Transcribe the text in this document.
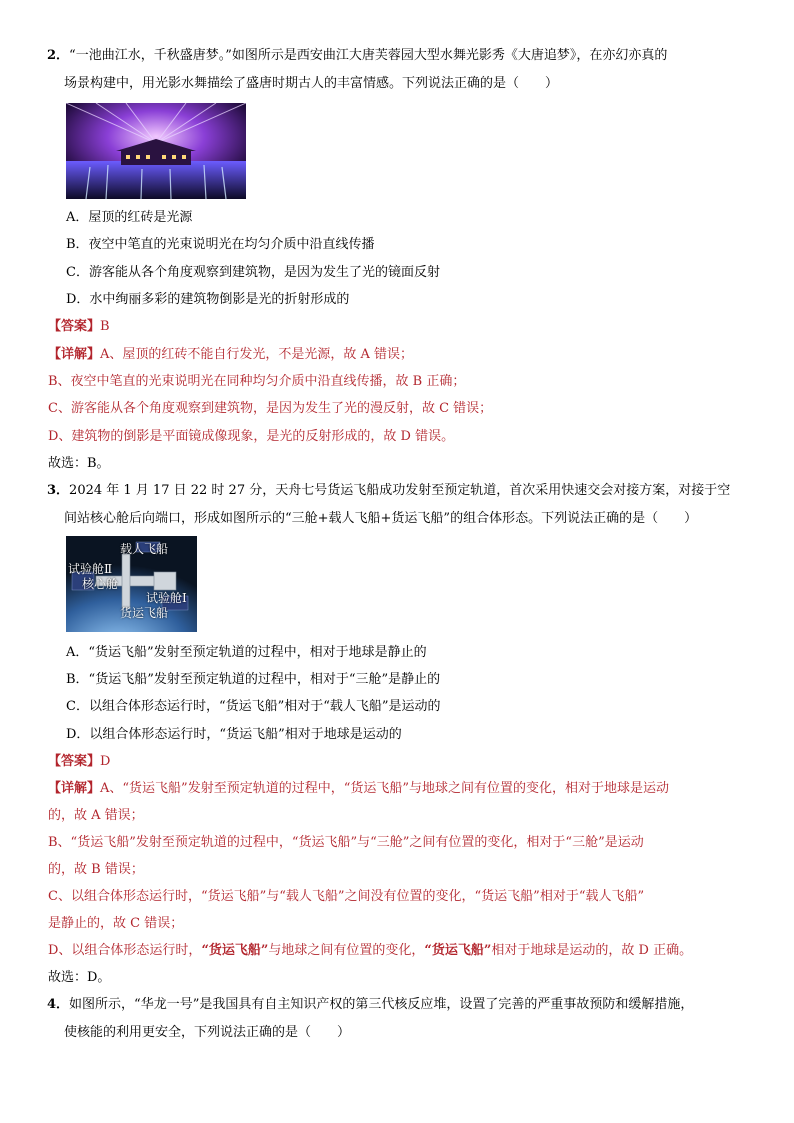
2．“一池曲江水，千秋盛唐梦。”如图所示是西安曲江大唐芙蓉园大型水舞光影秀《大唐追梦》，在亦幻亦真的
场景构建中，用光影水舞描绘了盛唐时期古人的丰富情感。下列说法正确的是（　　）
A．屋顶的红砖是光源
B．夜空中笔直的光束说明光在均匀介质中沿直线传播
C．游客能从各个角度观察到建筑物，是因为发生了光的镜面反射
D．水中绚丽多彩的建筑物倒影是光的折射形成的
【答案】B
【详解】A、屋顶的红砖不能自行发光，不是光源，故 A 错误；
B、夜空中笔直的光束说明光在同种均匀介质中沿直线传播，故 B 正确；
C、游客能从各个角度观察到建筑物，是因为发生了光的漫反射，故 C 错误；
D、建筑物的倒影是平面镜成像现象，是光的反射形成的，故 D 错误。
故选：B。
3．2024 年 1 月 17 日 22 时 27 分，天舟七号货运飞船成功发射至预定轨道，首次采用快速交会对接方案，对接于空
间站核心舱后向端口，形成如图所示的“三舱+载人飞船+货运飞船”的组合体形态。下列说法正确的是（　　）
载人飞船
试验舱Ⅱ
核心舱
试验舱Ⅰ
货运飞船
A．“货运飞船”发射至预定轨道的过程中，相对于地球是静止的
B．“货运飞船”发射至预定轨道的过程中，相对于“三舱”是静止的
C．以组合体形态运行时，“货运飞船”相对于“载人飞船”是运动的
D．以组合体形态运行时，“货运飞船”相对于地球是运动的
【答案】D
【详解】A、“货运飞船”发射至预定轨道的过程中，“货运飞船”与地球之间有位置的变化，相对于地球是运动
的，故 A 错误；
B、“货运飞船”发射至预定轨道的过程中，“货运飞船”与“三舱”之间有位置的变化，相对于“三舱”是运动
的，故 B 错误；
C、以组合体形态运行时，“货运飞船”与“载人飞船”之间没有位置的变化，“货运飞船”相对于“载人飞船”
是静止的，故 C 错误；
D、以组合体形态运行时，“货运飞船”与地球之间有位置的变化，“货运飞船”相对于地球是运动的，故 D 正确。
故选：D。
4．如图所示，“华龙一号”是我国具有自主知识产权的第三代核反应堆，设置了完善的严重事故预防和缓解措施，
使核能的利用更安全，下列说法正确的是（　　）
